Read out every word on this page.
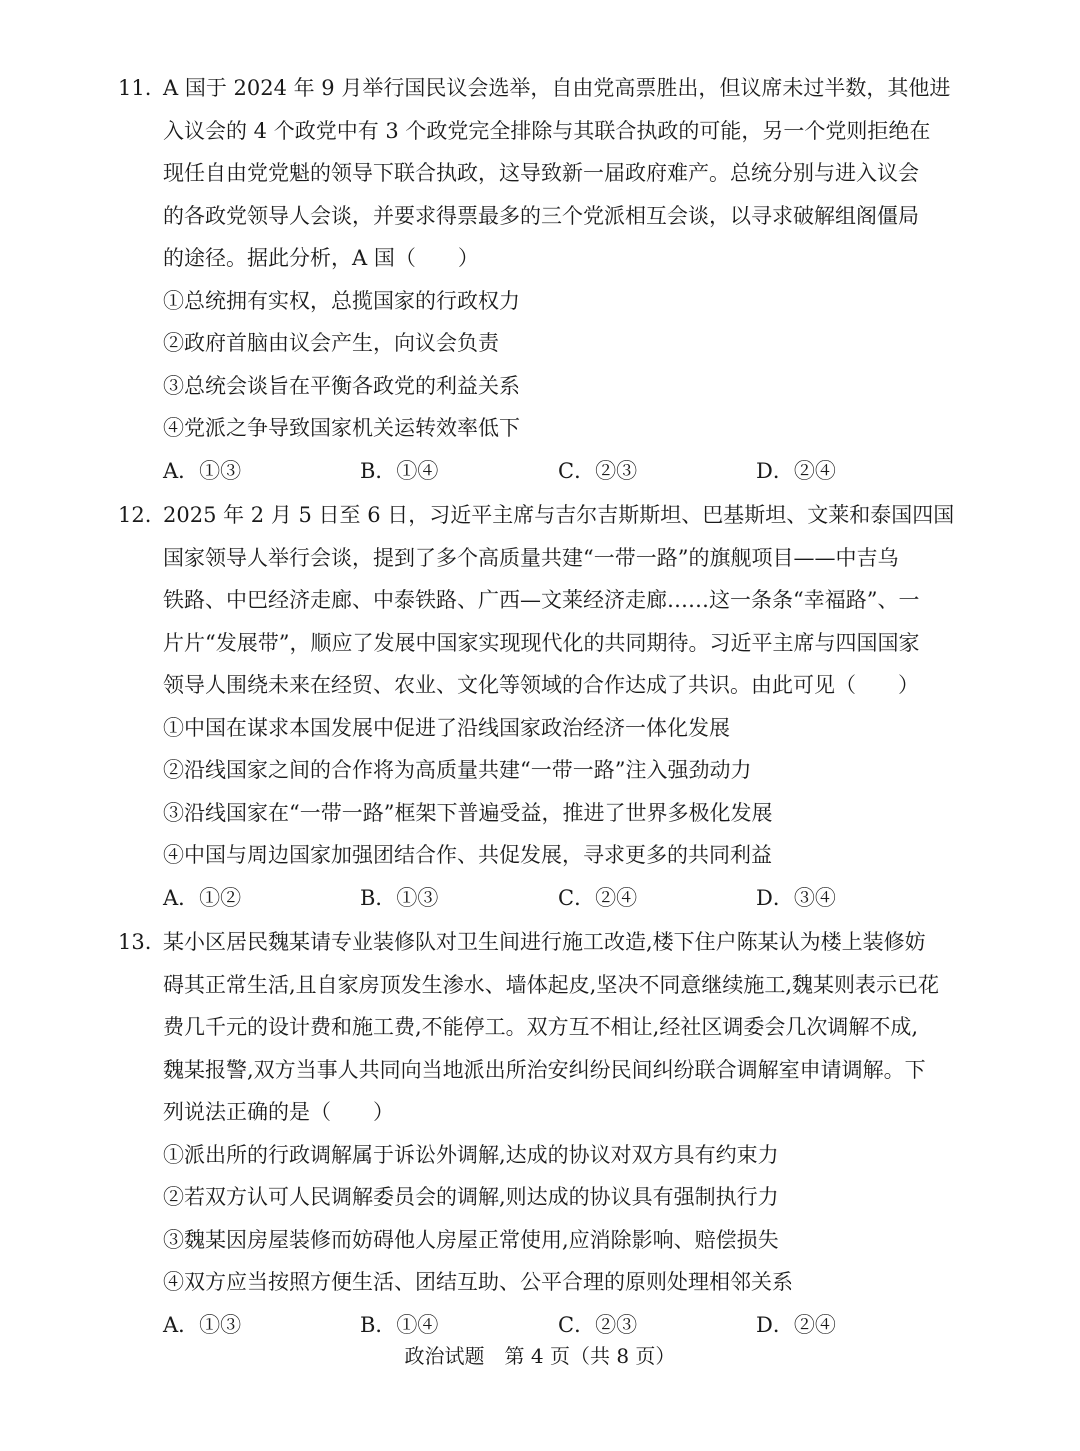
11. A 国于 2024 年 9 月举行国民议会选举，自由党高票胜出，但议席未过半数，其他进
入议会的 4 个政党中有 3 个政党完全排除与其联合执政的可能，另一个党则拒绝在
现任自由党党魁的领导下联合执政，这导致新一届政府难产。总统分别与进入议会
的各政党领导人会谈，并要求得票最多的三个党派相互会谈，以寻求破解组阁僵局
的途径。据此分析，A 国（　　）
①总统拥有实权，总揽国家的行政权力
②政府首脑由议会产生，向议会负责
③总统会谈旨在平衡各政党的利益关系
④党派之争导致国家机关运转效率低下
A．①③	B．①④	C．②③	D．②④
12. 2025 年 2 月 5 日至 6 日，习近平主席与吉尔吉斯斯坦、巴基斯坦、文莱和泰国四国
国家领导人举行会谈，提到了多个高质量共建“一带一路”的旗舰项目——中吉乌
铁路、中巴经济走廊、中泰铁路、广西—文莱经济走廊……这一条条“幸福路”、一
片片“发展带”，顺应了发展中国家实现现代化的共同期待。习近平主席与四国国家
领导人围绕未来在经贸、农业、文化等领域的合作达成了共识。由此可见（　　）
①中国在谋求本国发展中促进了沿线国家政治经济一体化发展
②沿线国家之间的合作将为高质量共建“一带一路”注入强劲动力
③沿线国家在“一带一路”框架下普遍受益，推进了世界多极化发展
④中国与周边国家加强团结合作、共促发展，寻求更多的共同利益
A．①②	B．①③	C．②④	D．③④
13. 某小区居民魏某请专业装修队对卫生间进行施工改造,楼下住户陈某认为楼上装修妨
碍其正常生活,且自家房顶发生渗水、墙体起皮,坚决不同意继续施工,魏某则表示已花
费几千元的设计费和施工费,不能停工。双方互不相让,经社区调委会几次调解不成,
魏某报警,双方当事人共同向当地派出所治安纠纷民间纠纷联合调解室申请调解。下
列说法正确的是（　　）
①派出所的行政调解属于诉讼外调解,达成的协议对双方具有约束力
②若双方认可人民调解委员会的调解,则达成的协议具有强制执行力
③魏某因房屋装修而妨碍他人房屋正常使用,应消除影响、赔偿损失
④双方应当按照方便生活、团结互助、公平合理的原则处理相邻关系
A．①③	B．①④	C．②③	D．②④
政治试题　第 4 页（共 8 页）
